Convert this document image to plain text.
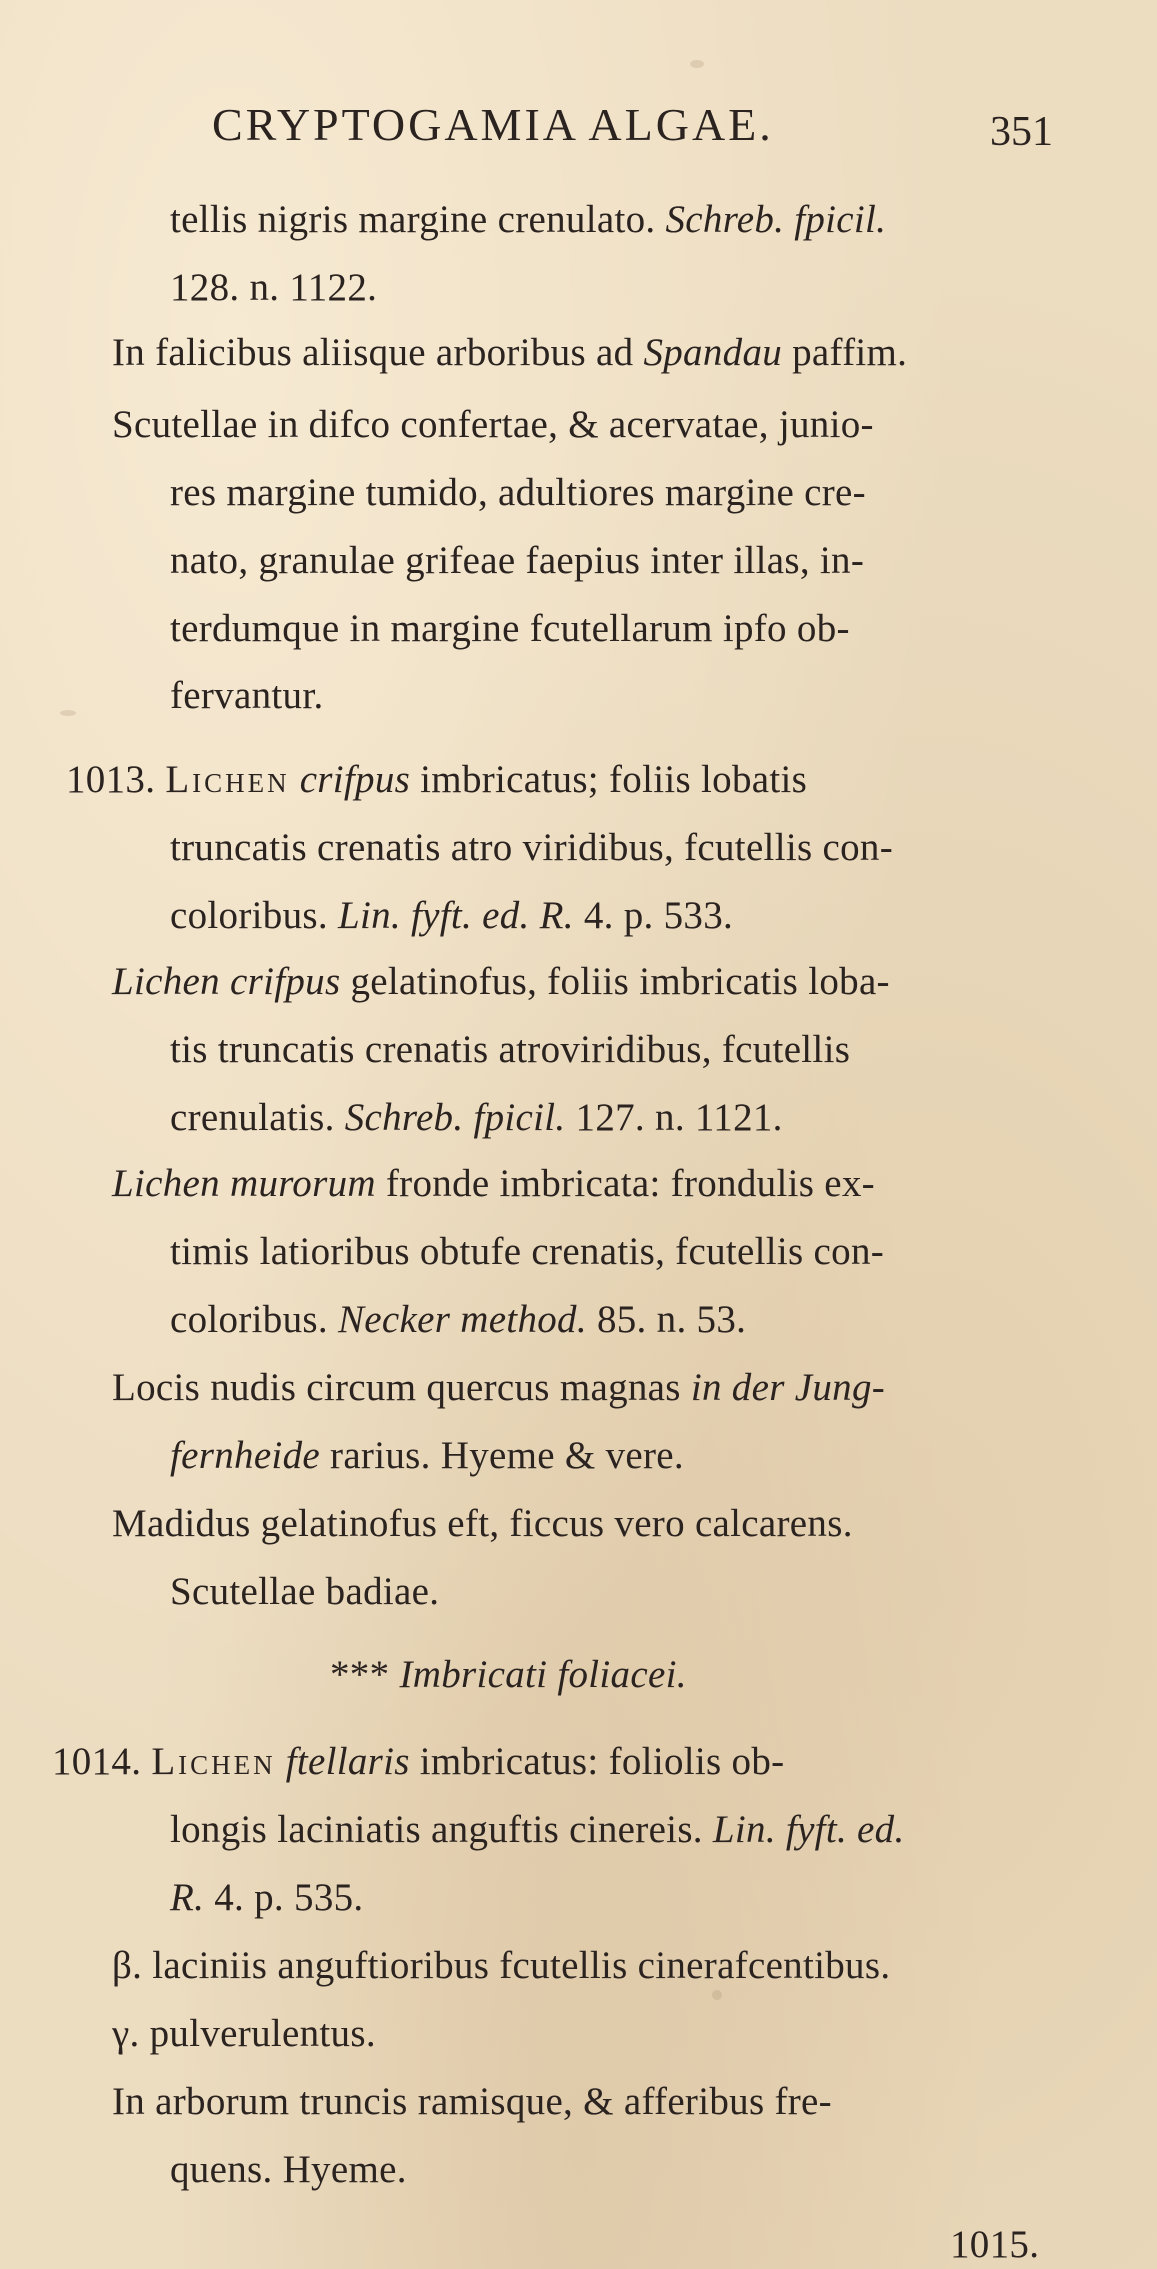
CRYPTOGAMIA ALGAE.	351
tellis nigris margine crenulato. Schreb. fpicil.
128. n. 1122.
In falicibus aliisque arboribus ad Spandau paffim.
Scutellae in difco confertae, & acervatae, junio-
res margine tumido, adultiores margine cre-
nato, granulae grifeae faepius inter illas, in-
terdumque in margine fcutellarum ipfo ob-
fervantur.
1013. Lichen crifpus imbricatus; foliis lobatis
truncatis crenatis atro viridibus, fcutellis con-
coloribus. Lin. fyft. ed. R. 4. p. 533.
Lichen crifpus gelatinofus, foliis imbricatis loba-
tis truncatis crenatis atroviridibus, fcutellis
crenulatis. Schreb. fpicil. 127. n. 1121.
Lichen murorum fronde imbricata: frondulis ex-
timis latioribus obtufe crenatis, fcutellis con-
coloribus. Necker method. 85. n. 53.
Locis nudis circum quercus magnas in der Jung-
fernheide rarius. Hyeme & vere.
Madidus gelatinofus eft, ficcus vero calcarens.
Scutellae badiae.
*** Imbricati foliacei.
1014. Lichen ftellaris imbricatus: foliolis ob-
longis laciniatis anguftis cinereis. Lin. fyft. ed.
R. 4. p. 535.
β. laciniis anguftioribus fcutellis cinerafcentibus.
γ. pulverulentus.
In arborum truncis ramisque, & afferibus fre-
quens. Hyeme.
1015.
